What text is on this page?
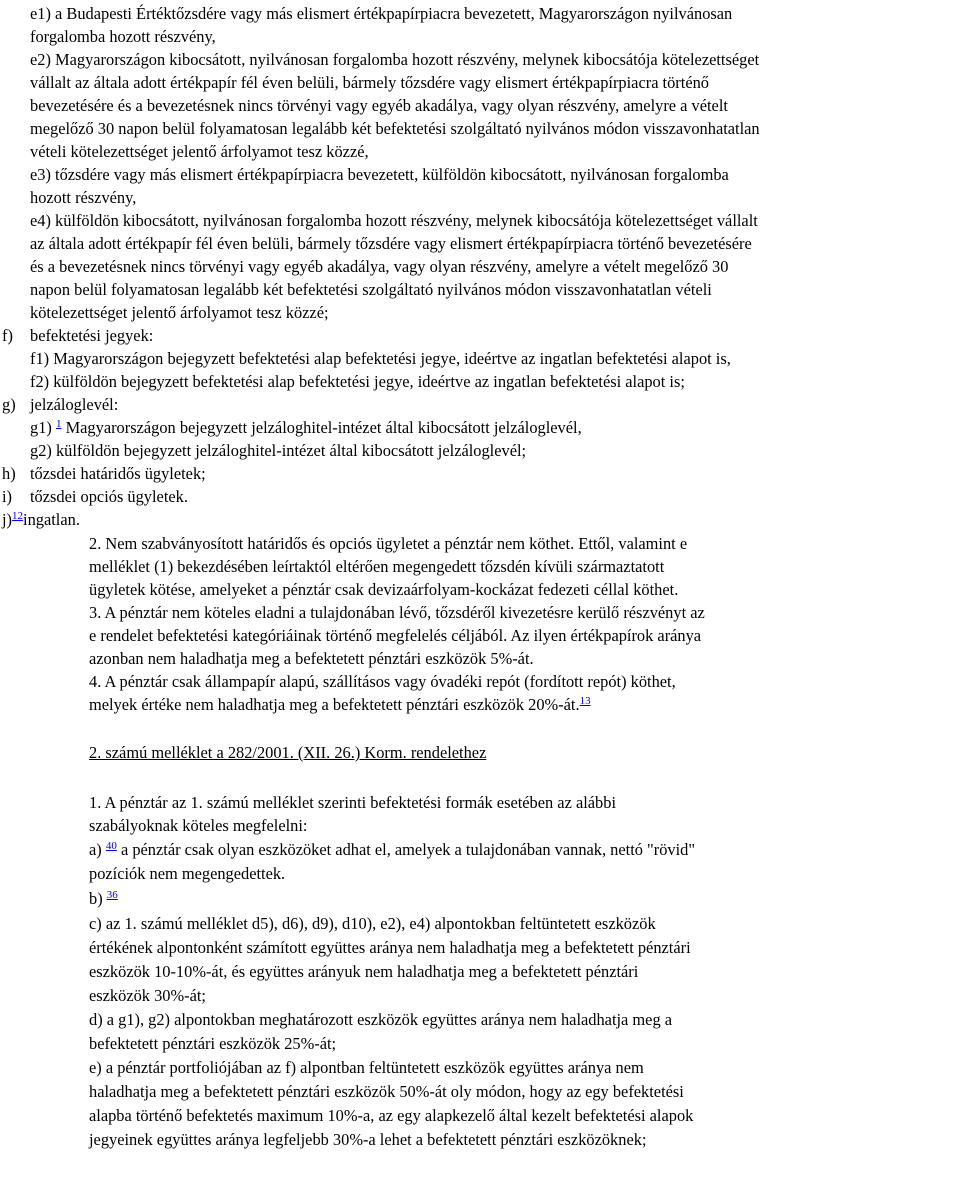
e1) a Budapesti Értéktőzsdére vagy más elismert értékpapírpiacra bevezetett, Magyarországon nyilvánosan
forgalomba hozott részvény,
e2) Magyarországon kibocsátott, nyilvánosan forgalomba hozott részvény, melynek kibocsátója kötelezettséget
vállalt az általa adott értékpapír fél éven belüli, bármely tőzsdére vagy elismert értékpapírpiacra történő
bevezetésére és a bevezetésnek nincs törvényi vagy egyéb akadálya, vagy olyan részvény, amelyre a vételt
megelőző 30 napon belül folyamatosan legalább két befektetési szolgáltató nyilvános módon visszavonhatatlan
vételi kötelezettséget jelentő árfolyamot tesz közzé,
e3) tőzsdére vagy más elismert értékpapírpiacra bevezetett, külföldön kibocsátott, nyilvánosan forgalomba
hozott részvény,
e4) külföldön kibocsátott, nyilvánosan forgalomba hozott részvény, melynek kibocsátója kötelezettséget vállalt
az általa adott értékpapír fél éven belüli, bármely tőzsdére vagy elismert értékpapírpiacra történő bevezetésére
és a bevezetésnek nincs törvényi vagy egyéb akadálya, vagy olyan részvény, amelyre a vételt megelőző 30
napon belül folyamatosan legalább két befektetési szolgáltató nyilvános módon visszavonhatatlan vételi
kötelezettséget jelentő árfolyamot tesz közzé;
f) befektetési jegyek:
f1) Magyarországon bejegyzett befektetési alap befektetési jegye, ideértve az ingatlan befektetési alapot is,
f2) külföldön bejegyzett befektetési alap befektetési jegye, ideértve az ingatlan befektetési alapot is;
g) jelzáloglevél:
g1) $^1$ Magyarországon bejegyzett jelzáloghitel-intézet által kibocsátott jelzáloglevél,
g2) külföldön bejegyzett jelzáloghitel-intézet által kibocsátott jelzáloglevél;
h) tőzsdei határidős ügyletek;
i) tőzsdei opciós ügyletek.
j)$^{12}$ingatlan.
2. Nem szabványosított határidős és opciós ügyletet a pénztár nem köthet. Ettől, valamint e
melléklet (1) bekezdésében leírtaktól eltérően megengedett tőzsdén kívüli származtatott
ügyletek kötése, amelyeket a pénztár csak devizaárfolyam-kockázat fedezeti céllal köthet.
3. A pénztár nem köteles eladni a tulajdonában lévő, tőzsdéről kivezetésre kerülő részvényt az
e rendelet befektetési kategóriáinak történő megfelelés céljából. Az ilyen értékpapírok aránya
azonban nem haladhatja meg a befektetett pénztári eszközök 5%-át.
4. A pénztár csak állampapír alapú, szállításos vagy óvadéki repót (fordított repót) köthet,
melyek értéke nem haladhatja meg a befektetett pénztári eszközök 20%-át.$^{13}$
2. számú melléklet a 282/2001. (XII. 26.) Korm. rendelethez
1. A pénztár az 1. számú melléklet szerinti befektetési formák esetében az alábbi
szabályoknak köteles megfelelni:
a) $^{40}$ a pénztár csak olyan eszközöket adhat el, amelyek a tulajdonában vannak, nettó "rövid"
pozíciók nem megengedettek.
b) $^{36}$
c) az 1. számú melléklet d5), d6), d9), d10), e2), e4) alpontokban feltüntetett eszközök
értékének alpontonként számított együttes aránya nem haladhatja meg a befektetett pénztári
eszközök 10-10%-át, és együttes arányuk nem haladhatja meg a befektetett pénztári
eszközök 30%-át;
d) a g1), g2) alpontokban meghatározott eszközök együttes aránya nem haladhatja meg a
befektetett pénztári eszközök 25%-át;
e) a pénztár portfoliójában az f) alpontban feltüntetett eszközök együttes aránya nem
haladhatja meg a befektetett pénztári eszközök 50%-át oly módon, hogy az egy befektetési
alapba történő befektetés maximum 10%-a, az egy alapkezelő által kezelt befektetési alapok
jegyeinek együttes aránya legfeljebb 30%-a lehet a befektetett pénztári eszközöknek;
